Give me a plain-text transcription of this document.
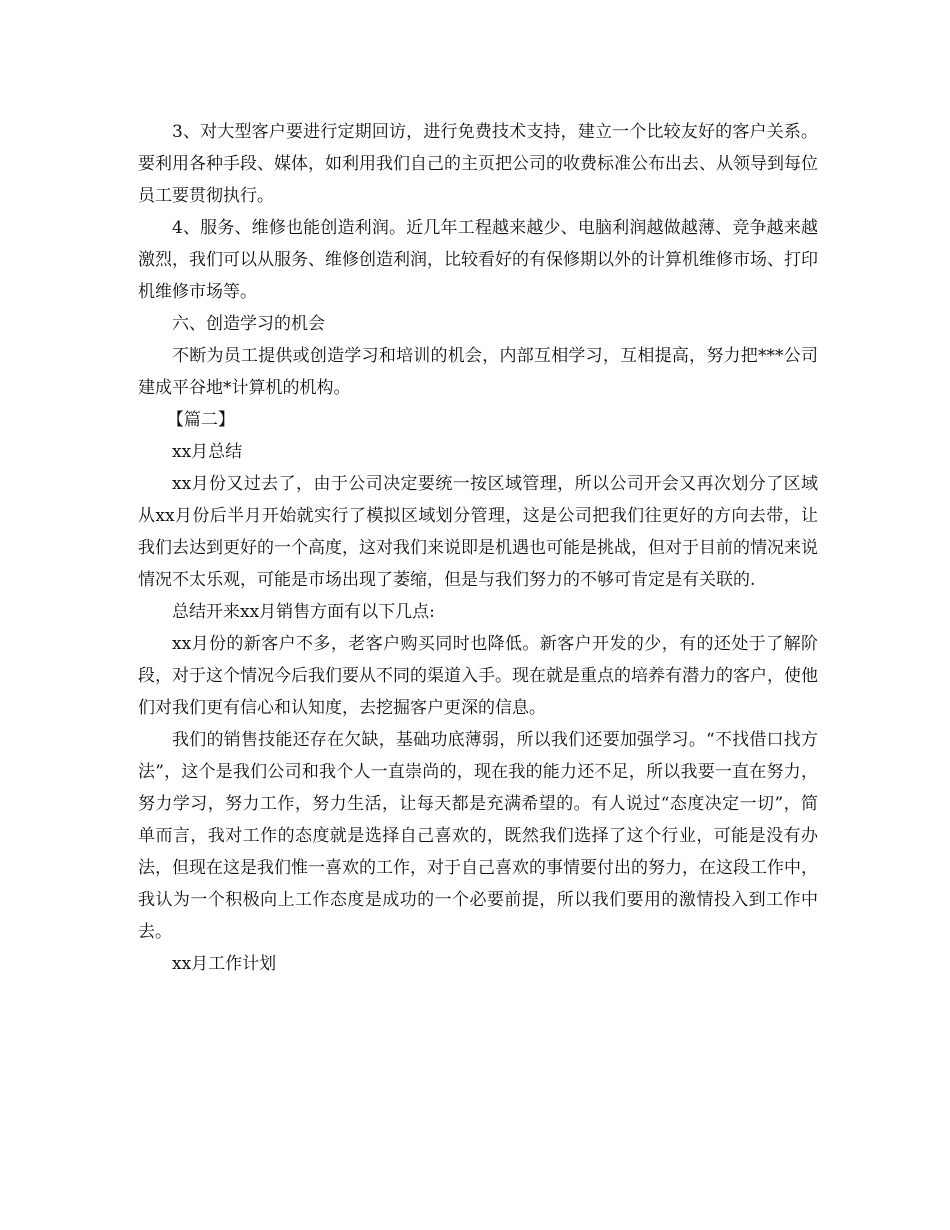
3、对大型客户要进行定期回访，进行免费技术支持，建立一个比较友好的客户关系。要利用各种手段、媒体，如利用我们自己的主页把公司的收费标准公布出去、从领导到每位员工要贯彻执行。

4、服务、维修也能创造利润。近几年工程越来越少、电脑利润越做越薄、竞争越来越激烈，我们可以从服务、维修创造利润，比较看好的有保修期以外的计算机维修市场、打印机维修市场等。

六、创造学习的机会

不断为员工提供或创造学习和培训的机会，内部互相学习，互相提高，努力把***公司建成平谷地*计算机的机构。

【篇二】

xx月总结

xx月份又过去了，由于公司决定要统一按区域管理，所以公司开会又再次划分了区域从xx月份后半月开始就实行了模拟区域划分管理，这是公司把我们往更好的方向去带，让我们去达到更好的一个高度，这对我们来说即是机遇也可能是挑战，但对于目前的情况来说情况不太乐观，可能是市场出现了萎缩，但是与我们努力的不够可肯定是有关联的.

总结开来xx月销售方面有以下几点:

xx月份的新客户不多，老客户购买同时也降低。新客户开发的少，有的还处于了解阶段，对于这个情况今后我们要从不同的渠道入手。现在就是重点的培养有潜力的客户，使他们对我们更有信心和认知度，去挖掘客户更深的信息。

我们的销售技能还存在欠缺，基础功底薄弱，所以我们还要加强学习。“不找借口找方法”，这个是我们公司和我个人一直崇尚的，现在我的能力还不足，所以我要一直在努力，努力学习，努力工作，努力生活，让每天都是充满希望的。有人说过“态度决定一切”，简单而言，我对工作的态度就是选择自己喜欢的，既然我们选择了这个行业，可能是没有办法，但现在这是我们惟一喜欢的工作，对于自己喜欢的事情要付出的努力，在这段工作中，我认为一个积极向上工作态度是成功的一个必要前提，所以我们要用的激情投入到工作中去。

xx月工作计划
